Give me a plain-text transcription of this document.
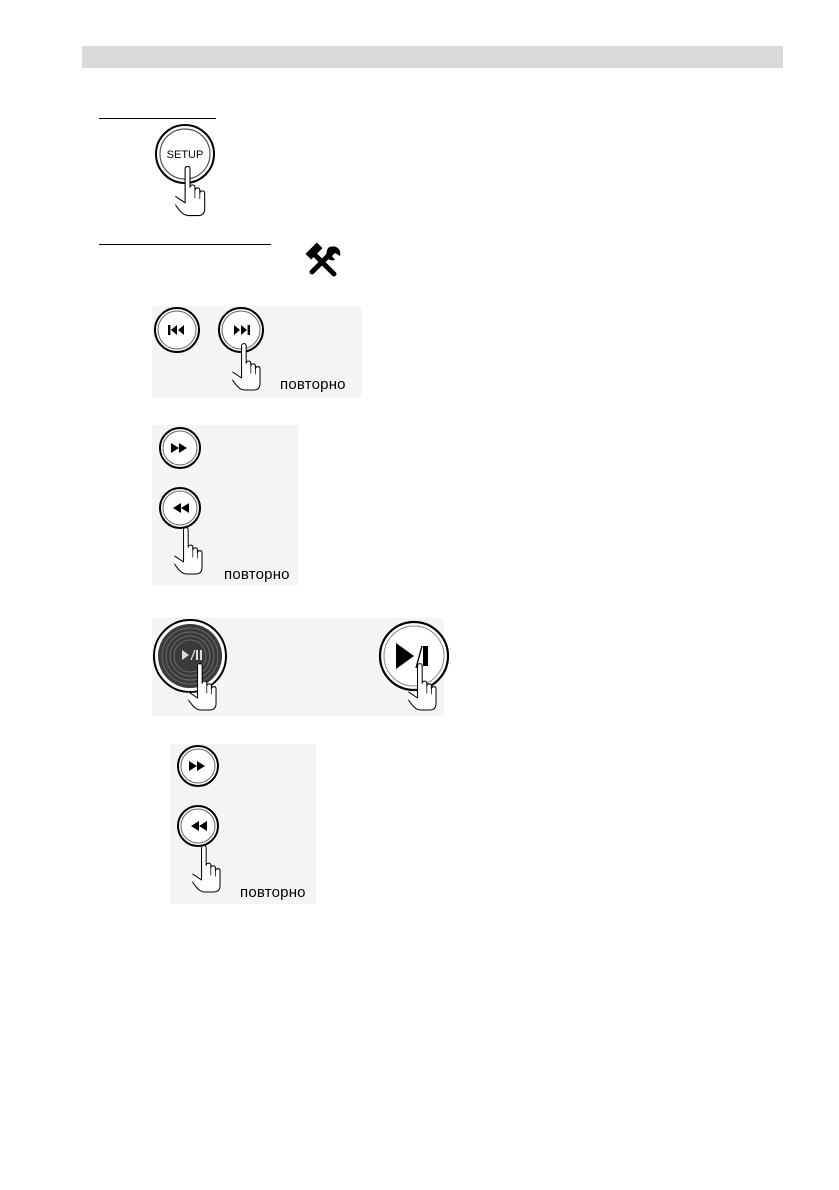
SETUP
повторно
повторно
повторно
